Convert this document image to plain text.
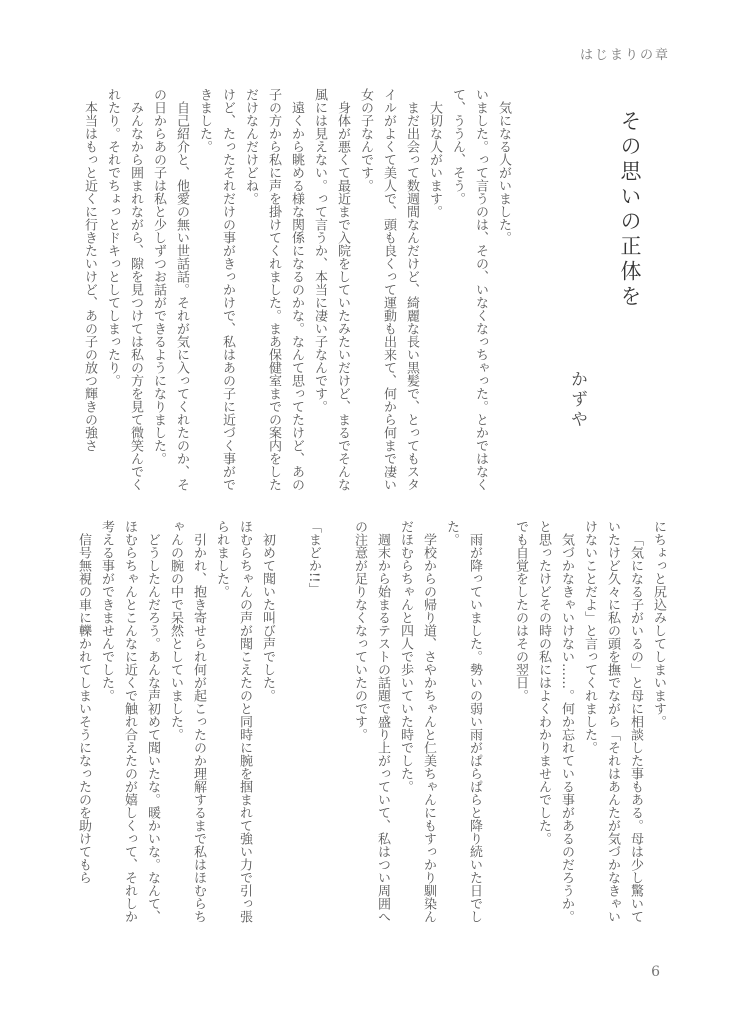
はじまりの章
その思いの正体を
かずや

気になる人がいました。

いました。って言うのは、その、いなくなっちゃった。とかではなくて、ううん、そう。

大切な人がいます。

まだ出会って数週間なんだけど、綺麗な長い黒髪で、とってもスタイルがよくて美人で、頭も良くって運動も出来て、何から何まで凄い女の子なんです。

身体が悪くて最近まで入院をしていたみたいだけど、まるでそんな風には見えない。って言うか、本当に凄い子なんです。

遠くから眺める様な関係になるのかな。なんて思ってたけど、あの子の方から私に声を掛けてくれました。まあ保健室までの案内をしただけなんだけどね。

けど、たったそれだけの事がきっかけで、私はあの子に近づく事ができました。

自己紹介と、他愛の無い世話話。それが気に入ってくれたのか、その日からあの子は私と少しずつお話ができるようになりました。

みんなから囲まれながら、隙を見つけては私の方を見て微笑んでくれたり。それでちょっとドキっとしてしまったり。

本当はもっと近くに行きたいけど、あの子の放つ輝きの強さ

にちょっと尻込みしてしまいます。

「気になる子がいるの」と母に相談した事もある。母は少し驚いていたけど久々に私の頭を撫でながら「それはあんたが気づかなきゃいけないことだよ」と言ってくれました。

気づかなきゃいけない……。何か忘れている事があるのだろうか。と思ったけどその時の私にはよくわかりませんでした。

でも自覚をしたのはその翌日。

雨が降っていました。勢いの弱い雨がぱらぱらと降り続いた日でした。

学校からの帰り道、さやかちゃんと仁美ちゃんにもすっかり馴染んだほむらちゃんと四人で歩いていた時でした。

週末から始まるテストの話題で盛り上がっていて、私はつい周囲への注意が足りなくなっていたのです。

「まどか!!」

初めて聞いた叫び声でした。

ほむらちゃんの声が聞こえたのと同時に腕を掴まれて強い力で引っ張られました。

引かれ、抱き寄せられ何が起こったのか理解するまで私はほむらちゃんの腕の中で呆然としていました。

どうしたんだろう。あんな声初めて聞いたな。暖かいな。なんて、ほむらちゃんとこんなに近くで触れ合えたのが嬉しくって、それしか考える事ができませんでした。

信号無視の車に轢かれてしまいそうになったのを助けてもら

6
